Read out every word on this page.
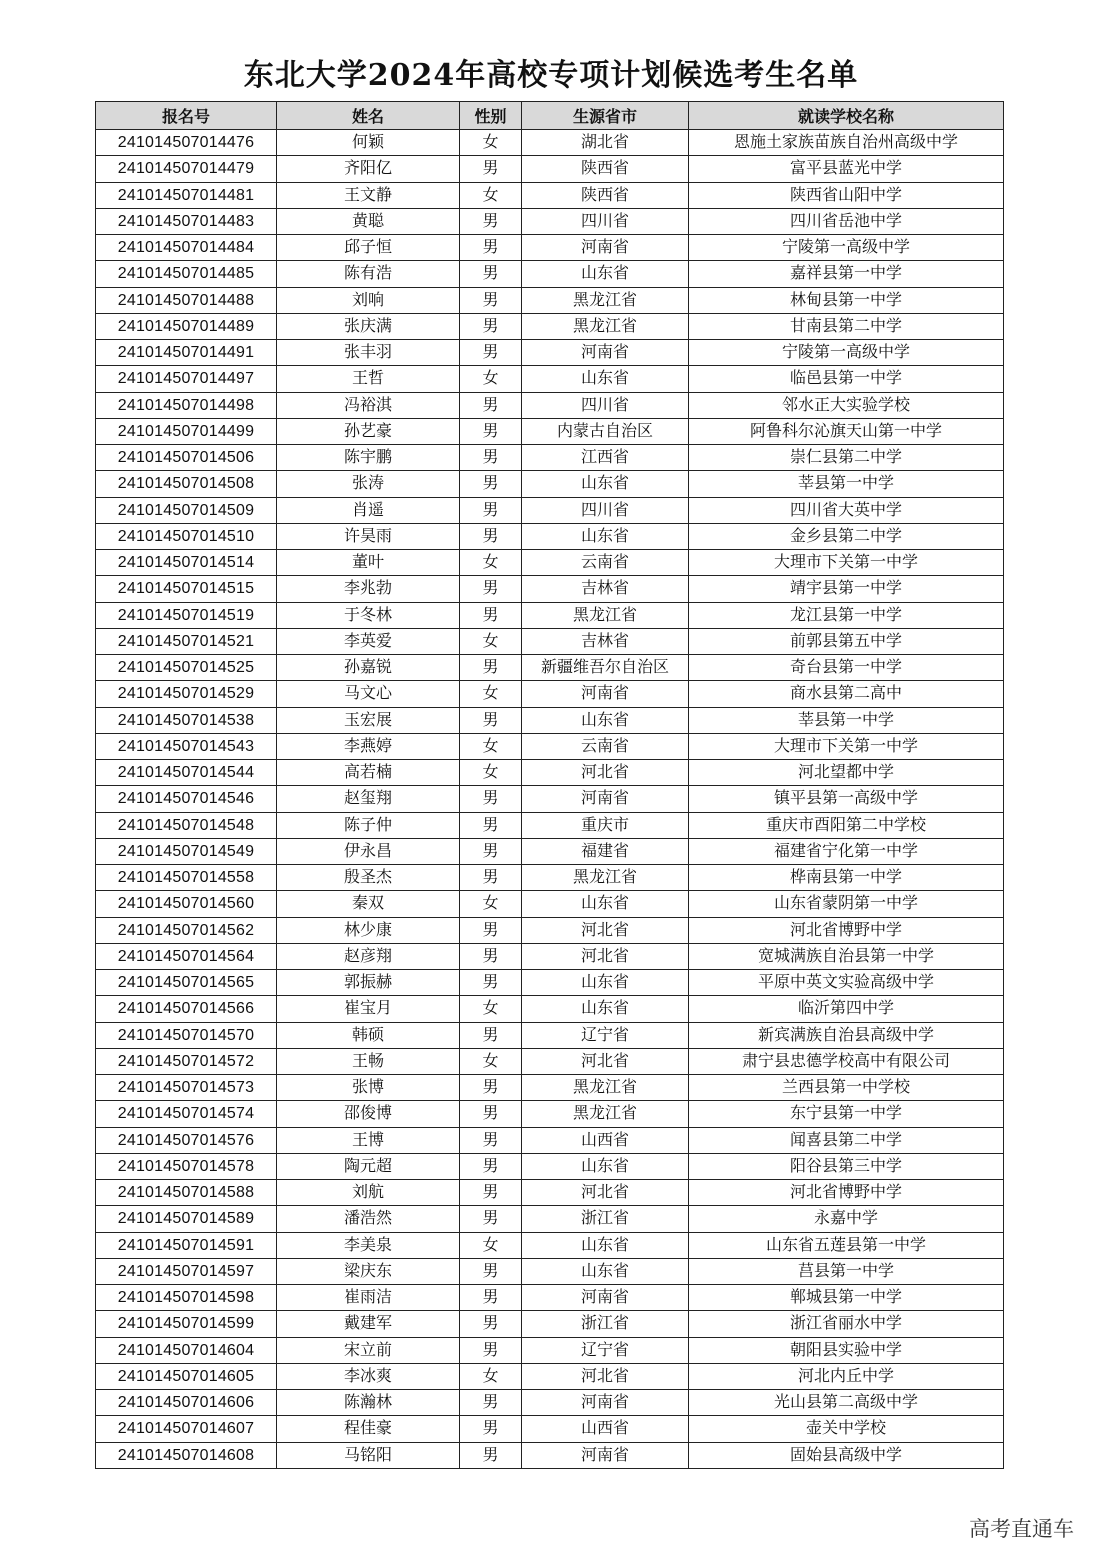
东北大学2024年高校专项计划候选考生名单
报名号	姓名	性别	生源省市	就读学校名称
241014507014476	何颖	女	湖北省	恩施土家族苗族自治州高级中学
241014507014479	齐阳亿	男	陕西省	富平县蓝光中学
241014507014481	王文静	女	陕西省	陕西省山阳中学
241014507014483	黄聪	男	四川省	四川省岳池中学
241014507014484	邱子恒	男	河南省	宁陵第一高级中学
241014507014485	陈有浩	男	山东省	嘉祥县第一中学
241014507014488	刘响	男	黑龙江省	林甸县第一中学
241014507014489	张庆满	男	黑龙江省	甘南县第二中学
241014507014491	张丰羽	男	河南省	宁陵第一高级中学
241014507014497	王哲	女	山东省	临邑县第一中学
241014507014498	冯裕淇	男	四川省	邻水正大实验学校
241014507014499	孙艺豪	男	内蒙古自治区	阿鲁科尔沁旗天山第一中学
241014507014506	陈宇鹏	男	江西省	崇仁县第二中学
241014507014508	张涛	男	山东省	莘县第一中学
241014507014509	肖遥	男	四川省	四川省大英中学
241014507014510	许昊雨	男	山东省	金乡县第二中学
241014507014514	董叶	女	云南省	大理市下关第一中学
241014507014515	李兆勃	男	吉林省	靖宇县第一中学
241014507014519	于冬林	男	黑龙江省	龙江县第一中学
241014507014521	李英爱	女	吉林省	前郭县第五中学
241014507014525	孙嘉锐	男	新疆维吾尔自治区	奇台县第一中学
241014507014529	马文心	女	河南省	商水县第二高中
241014507014538	玉宏展	男	山东省	莘县第一中学
241014507014543	李燕婷	女	云南省	大理市下关第一中学
241014507014544	高若楠	女	河北省	河北望都中学
241014507014546	赵玺翔	男	河南省	镇平县第一高级中学
241014507014548	陈子仲	男	重庆市	重庆市酉阳第二中学校
241014507014549	伊永昌	男	福建省	福建省宁化第一中学
241014507014558	殷圣杰	男	黑龙江省	桦南县第一中学
241014507014560	秦双	女	山东省	山东省蒙阴第一中学
241014507014562	林少康	男	河北省	河北省博野中学
241014507014564	赵彦翔	男	河北省	宽城满族自治县第一中学
241014507014565	郭振赫	男	山东省	平原中英文实验高级中学
241014507014566	崔宝月	女	山东省	临沂第四中学
241014507014570	韩硕	男	辽宁省	新宾满族自治县高级中学
241014507014572	王畅	女	河北省	肃宁县忠德学校高中有限公司
241014507014573	张博	男	黑龙江省	兰西县第一中学校
241014507014574	邵俊博	男	黑龙江省	东宁县第一中学
241014507014576	王博	男	山西省	闻喜县第二中学
241014507014578	陶元超	男	山东省	阳谷县第三中学
241014507014588	刘航	男	河北省	河北省博野中学
241014507014589	潘浩然	男	浙江省	永嘉中学
241014507014591	李美泉	女	山东省	山东省五莲县第一中学
241014507014597	梁庆东	男	山东省	莒县第一中学
241014507014598	崔雨洁	男	河南省	郸城县第一中学
241014507014599	戴建军	男	浙江省	浙江省丽水中学
241014507014604	宋立前	男	辽宁省	朝阳县实验中学
241014507014605	李冰爽	女	河北省	河北内丘中学
241014507014606	陈瀚林	男	河南省	光山县第二高级中学
241014507014607	程佳豪	男	山西省	壶关中学校
241014507014608	马铭阳	男	河南省	固始县高级中学
高考直通车
